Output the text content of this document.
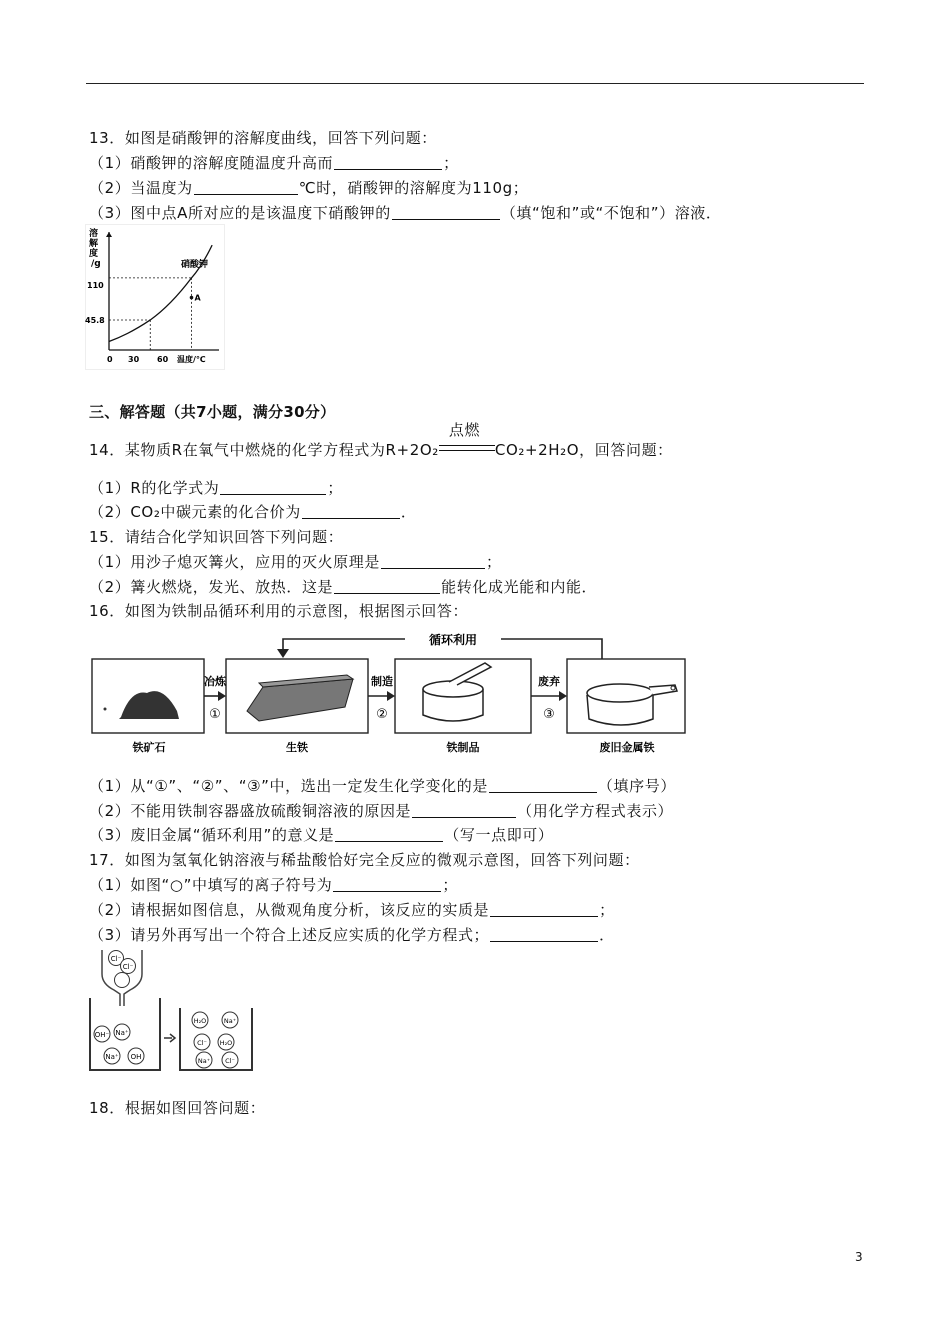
13．如图是硝酸钾的溶解度曲线，回答下列问题：
（1）硝酸钾的溶解度随温度升高而	；
（2）当温度为	℃时，硝酸钾的溶解度为110g；
（3）图中点A所对应的是该温度下硝酸钾的	（填“饱和”或“不饱和”）溶液．
溶
解
度
/g	硝酸钾
110
45.8
0 30 60 温度/℃
A
三、解答题（共7小题，满分30分）
14．某物质R在氧气中燃烧的化学方程式为R+2O₂
点燃
CO₂+2H₂O，回答问题：
（1）R的化学式为	；
（2）CO₂中碳元素的化合价为	．
15．请结合化学知识回答下列问题：
（1）用沙子熄灭篝火，应用的灭火原理是	；
（2）篝火燃烧，发光、放热．这是	能转化成光能和内能．
16．如图为铁制品循环利用的示意图，根据图示回答：
循环利用
冶炼	制造	废弃
①	②	③
铁矿石	生铁	铁制品	废旧金属铁
（1）从“①”、“②”、“③”中，选出一定发生化学变化的是	（填序号）
（2）不能用铁制容器盛放硫酸铜溶液的原因是	（用化学方程式表示）
（3）废旧金属“循环利用”的意义是	（写一点即可）
17．如图为氢氧化钠溶液与稀盐酸恰好完全反应的微观示意图，回答下列问题：
（1）如图“○”中填写的离子符号为	；
（2）请根据如图信息，从微观角度分析，该反应的实质是	；
（3）请另外再写出一个符合上述反应实质的化学方程式；	．
Cl⁻
Cl⁻
OH⁻ Na⁺
Na⁺ OH
H₂O	Na⁺
Cl⁻ H₂O
Na⁺ Cl⁻
18．根据如图回答问题：
3
